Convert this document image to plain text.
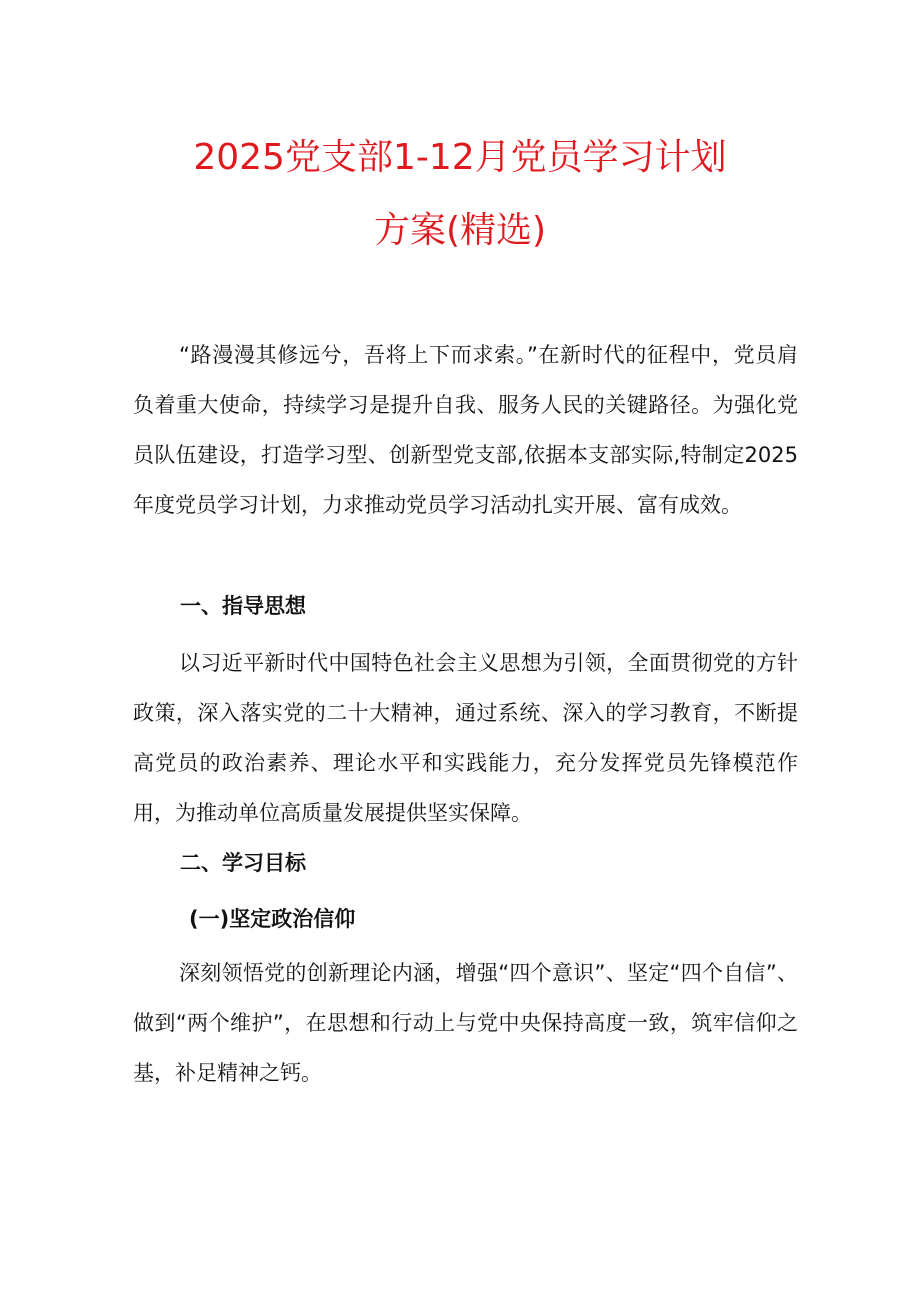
2025党支部1-12月党员学习计划
方案(精选)

“路漫漫其修远兮，吾将上下而求索。”在新时代的征程中，党员肩负着重大使命，持续学习是提升自我、服务人民的关键路径。为强化党员队伍建设，打造学习型、创新型党支部,依据本支部实际,特制定2025年度党员学习计划，力求推动党员学习活动扎实开展、富有成效。

一、指导思想

以习近平新时代中国特色社会主义思想为引领，全面贯彻党的方针政策，深入落实党的二十大精神，通过系统、深入的学习教育，不断提高党员的政治素养、理论水平和实践能力，充分发挥党员先锋模范作用，为推动单位高质量发展提供坚实保障。

二、学习目标
(一)坚定政治信仰

深刻领悟党的创新理论内涵，增强“四个意识”、坚定“四个自信”、做到“两个维护”，在思想和行动上与党中央保持高度一致，筑牢信仰之基，补足精神之钙。
